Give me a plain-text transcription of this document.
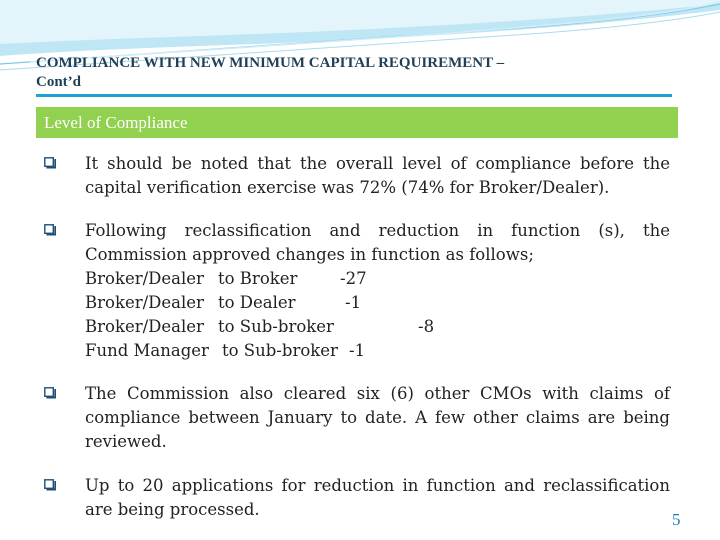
COMPLIANCE WITH NEW MINIMUM CAPITAL REQUIREMENT –
Cont’d
Level of Compliance
It should be noted that the overall level of compliance before the capital verification exercise was 72% (74% for Broker/Dealer).
Following reclassification and reduction in function (s), the Commission approved changes in function as follows;
Broker/Dealer to Broker	-27
Broker/Dealer to Dealer	-1
Broker/Dealer to Sub-broker	-8
Fund Manager to Sub-broker -1
The Commission also cleared six (6) other CMOs with claims of compliance between January to date. A few other claims are being reviewed.
Up to 20 applications for reduction in function and reclassification are being processed.
5
